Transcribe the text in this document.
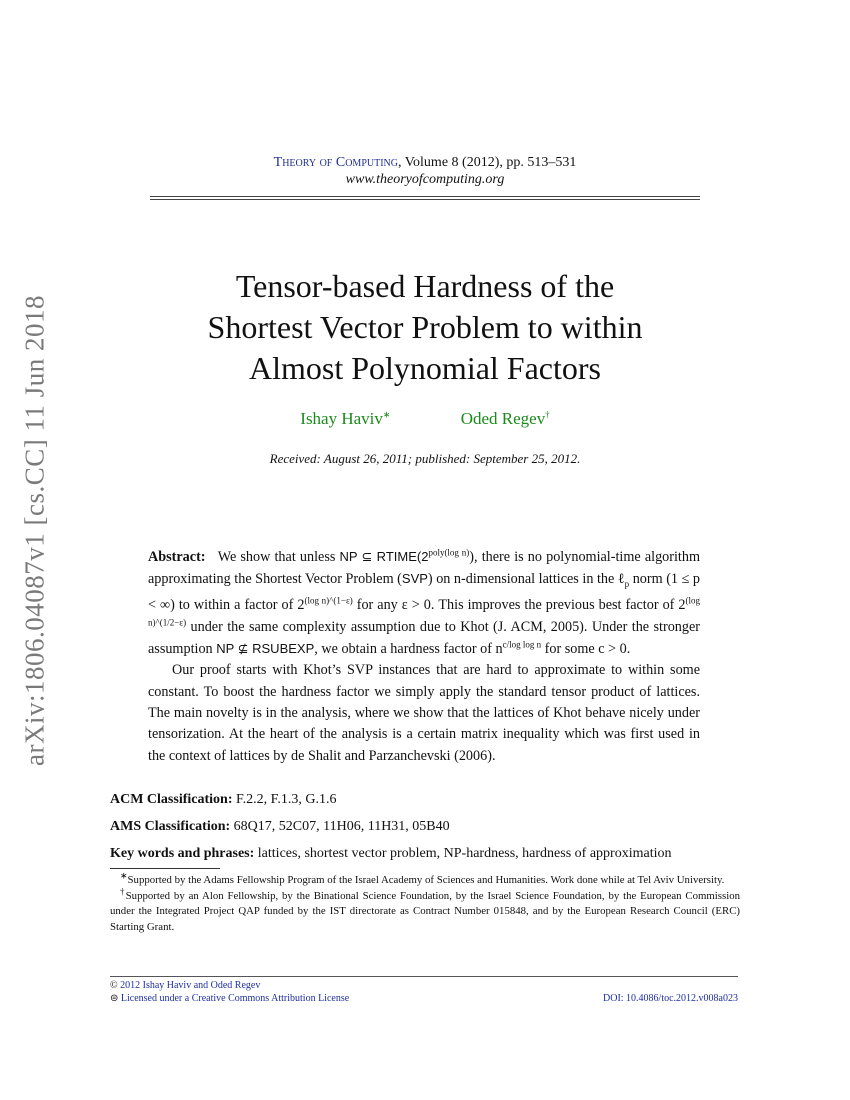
arXiv:1806.04087v1 [cs.CC] 11 Jun 2018
Theory of Computing, Volume 8 (2012), pp. 513–531
www.theoryofcomputing.org
Tensor-based Hardness of the
Shortest Vector Problem to within
Almost Polynomial Factors
Ishay Haviv∗	Oded Regev†
Received: August 26, 2011; published: September 25, 2012.

Abstract: We show that unless NP ⊆ $RTIME(2^{poly(log n)})$, there is no polynomial-time algorithm approximating the Shortest Vector Problem (SVP) on n-dimensional lattices in the ℓ$_p$ norm (1 ≤ p < ∞) to within a factor of $2^{(log n)\^{}(1-\varepsilon)}$ for any ε > 0. This improves the previous best factor of $2^{(log n)\^{}(1/2-\varepsilon)}$ under the same complexity assumption due to Khot (J. ACM, 2005). Under the stronger assumption NP ⊈ RSUBEXP, we obtain a hardness factor of $n^{c/log log n}$ for some c > 0.

Our proof starts with Khot’s SVP instances that are hard to approximate to within some constant. To boost the hardness factor we simply apply the standard tensor product of lattices. The main novelty is in the analysis, where we show that the lattices of Khot behave nicely under tensorization. At the heart of the analysis is a certain matrix inequality which was first used in the context of lattices by de Shalit and Parzanchevski (2006).

ACM Classification: F.2.2, F.1.3, G.1.6
AMS Classification: 68Q17, 52C07, 11H06, 11H31, 05B40
Key words and phrases: lattices, shortest vector problem, NP-hardness, hardness of approximation

∗Supported by the Adams Fellowship Program of the Israel Academy of Sciences and Humanities. Work done while at Tel Aviv University.

†Supported by an Alon Fellowship, by the Binational Science Foundation, by the Israel Science Foundation, by the European Commission under the Integrated Project QAP funded by the IST directorate as Contract Number 015848, and by the European Research Council (ERC) Starting Grant.

© 2012 Ishay Haviv and Oded Regev
⊜ Licensed under a Creative Commons Attribution License	DOI: 10.4086/toc.2012.v008a023
